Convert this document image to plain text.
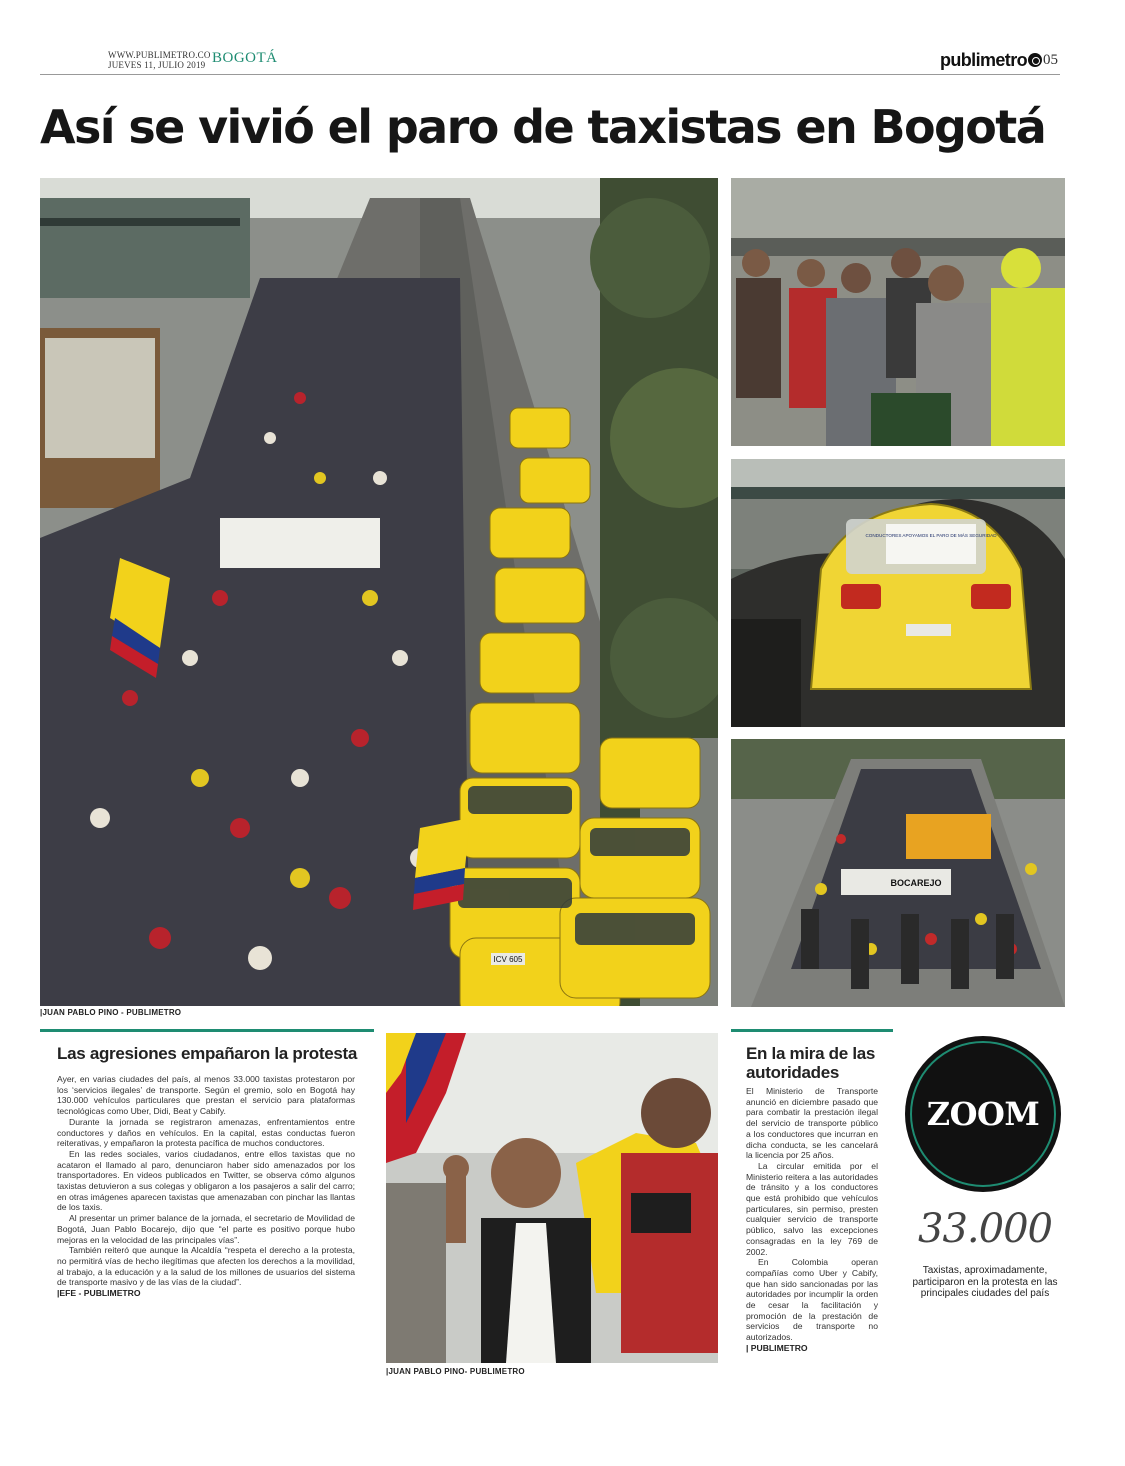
WWW.PUBLIMETRO.CO
JUEVES 11, JULIO 2019 BOGOTÁ	publimetro	05
Así se vivió el paro de taxistas en Bogotá
ICV 605
|JUAN PABLO PINO - PUBLIMETRO
CONDUCTORES APOYAMOS EL PARO DE MÁS SEGURIDAD
BOCAREJO
Las agresiones empañaron la protesta

Ayer, en varias ciudades del país, al menos 33.000 taxistas protestaron por los ‘servicios ilegales’ de transporte. Según el gremio, solo en Bogotá hay 130.000 vehículos particulares que prestan el servicio para plataformas tecnológicas como Uber, Didi, Beat y Cabify.

Durante la jornada se registraron amenazas, enfrentamientos entre conductores y daños en vehículos. En la capital, estas conductas fueron reiterativas, y empañaron la protesta pacífica de muchos conductores.

En las redes sociales, varios ciudadanos, entre ellos taxistas que no acataron el llamado al paro, denunciaron haber sido amenazados por los transportadores. En videos publicados en Twitter, se observa cómo algunos taxistas detuvieron a sus colegas y obligaron a los pasajeros a salir del carro; en otras imágenes aparecen taxistas que amenazaban con pinchar las llantas de los taxis.

Al presentar un primer balance de la jornada, el secretario de Movilidad de Bogotá, Juan Pablo Bocarejo, dijo que “el parte es positivo porque hubo mejoras en la velocidad de las principales vías”.

También reiteró que aunque la Alcaldía “respeta el derecho a la protesta, no permitirá vías de hecho ilegítimas que afecten los derechos a la movilidad, al trabajo, a la educación y a la salud de los millones de usuarios del sistema de transporte masivo y de las vías de la ciudad”.

|EFE - PUBLIMETRO
|JUAN PABLO PINO- PUBLIMETRO
En la mira de las autoridades

El Ministerio de Transporte anunció en diciembre pasado que para combatir la prestación ilegal del servicio de transporte público a los conductores que incurran en dicha conducta, se les cancelará la licencia por 25 años.

La circular emitida por el Ministerio reitera a las autoridades de tránsito y a los conductores que está prohibido que vehículos particulares, sin permiso, presten cualquier servicio de transporte público, salvo las excepciones consagradas en la ley 769 de 2002.

En Colombia operan compañías como Uber y Cabify, que han sido sancionadas por las autoridades por incumplir la orden de cesar la facilitación y promoción de la prestación de servicios de transporte no autorizados.

| PUBLIMETRO
ZOOM
33.000
Taxistas, aproximadamente, participaron en la protesta en las principales ciudades del país
